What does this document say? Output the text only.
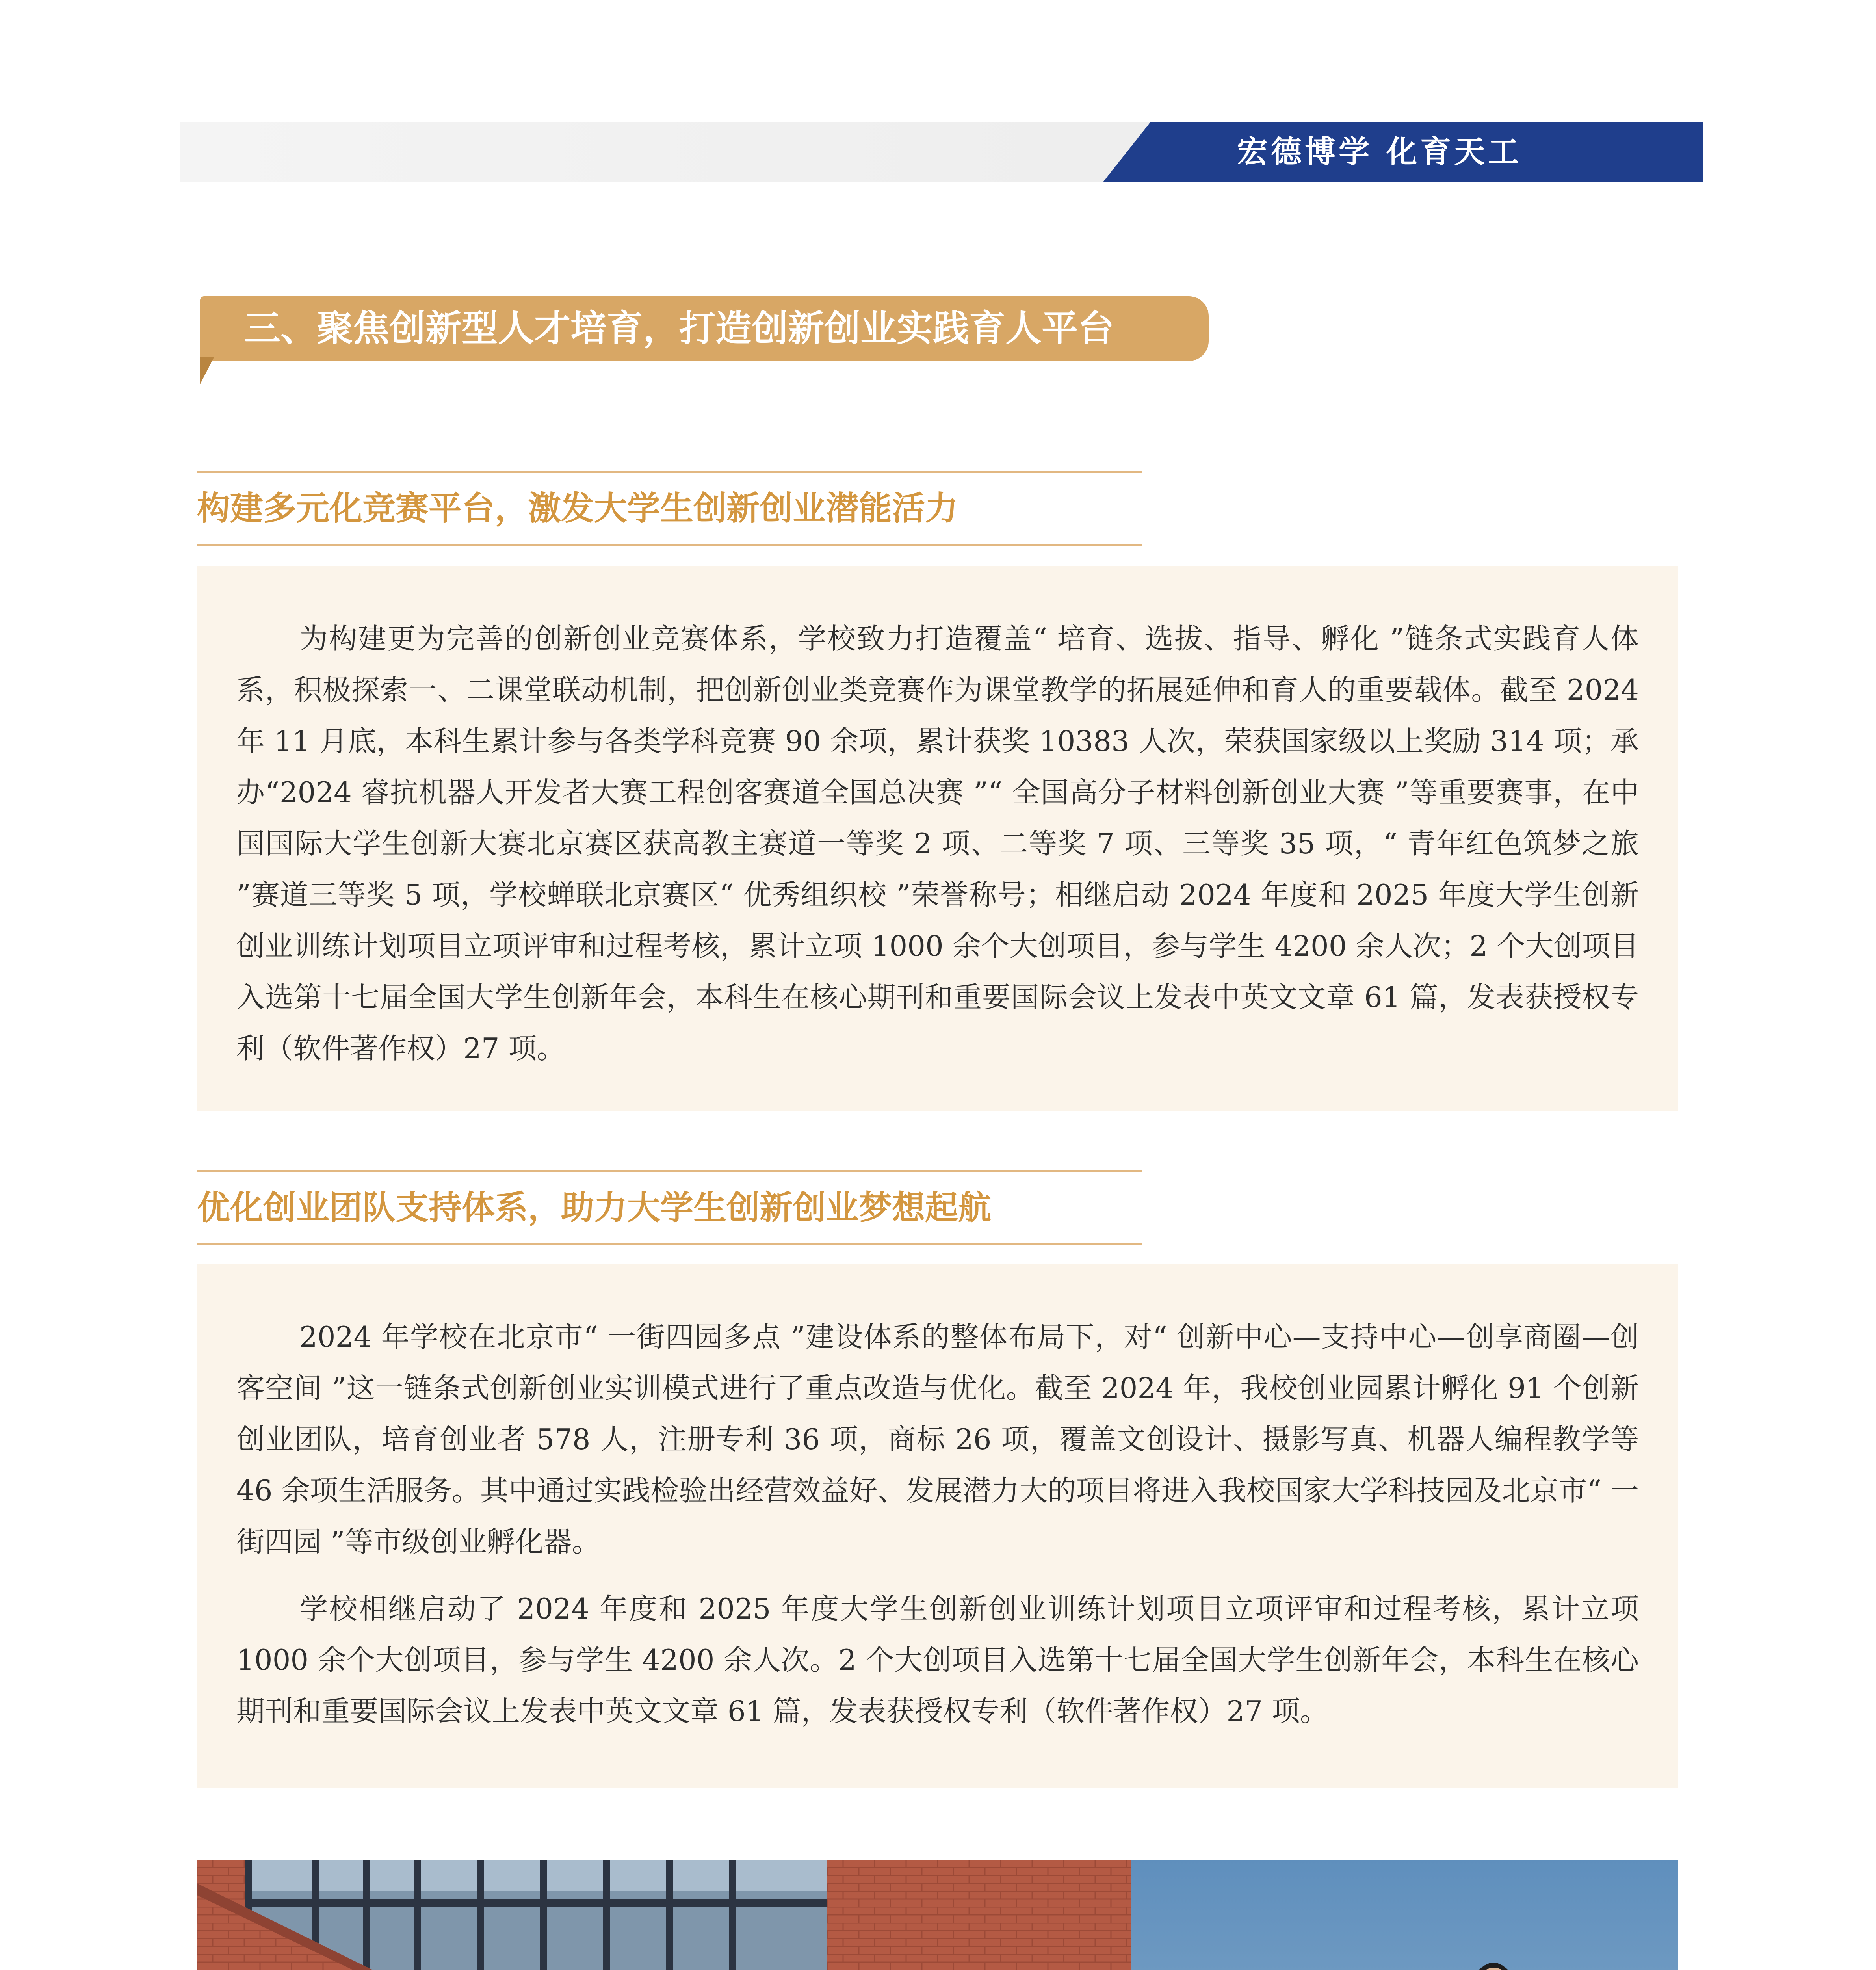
宏德博学 化育天工
三、聚焦创新型人才培育，打造创新创业实践育人平台
构建多元化竞赛平台，激发大学生创新创业潜能活力

为构建更为完善的创新创业竞赛体系，学校致力打造覆盖“ 培育、选拔、指导、孵化 ”链条式实践育人体系，积极探索一、二课堂联动机制，把创新创业类竞赛作为课堂教学的拓展延伸和育人的重要载体。截至 2024 年 11 月底，本科生累计参与各类学科竞赛 90 余项，累计获奖 10383 人次，荣获国家级以上奖励 314 项；承办“2024 睿抗机器人开发者大赛工程创客赛道全国总决赛 ”“ 全国高分子材料创新创业大赛 ”等重要赛事，在中国国际大学生创新大赛北京赛区获高教主赛道一等奖 2 项、二等奖 7 项、三等奖 35 项，“ 青年红色筑梦之旅 ”赛道三等奖 5 项，学校蝉联北京赛区“ 优秀组织校 ”荣誉称号；相继启动 2024 年度和 2025 年度大学生创新创业训练计划项目立项评审和过程考核，累计立项 1000 余个大创项目，参与学生 4200 余人次；2 个大创项目入选第十七届全国大学生创新年会，本科生在核心期刊和重要国际会议上发表中英文文章 61 篇，发表获授权专利（软件著作权）27 项。

优化创业团队支持体系，助力大学生创新创业梦想起航

2024 年学校在北京市“ 一街四园多点 ”建设体系的整体布局下，对“ 创新中心—支持中心—创享商圈—创客空间 ”这一链条式创新创业实训模式进行了重点改造与优化。截至 2024 年，我校创业园累计孵化 91 个创新创业团队，培育创业者 578 人，注册专利 36 项，商标 26 项，覆盖文创设计、摄影写真、机器人编程教学等 46 余项生活服务。其中通过实践检验出经营效益好、发展潜力大的项目将进入我校国家大学科技园及北京市“ 一街四园 ”等市级创业孵化器。

学校相继启动了 2024 年度和 2025 年度大学生创新创业训练计划项目立项评审和过程考核，累计立项 1000 余个大创项目，参与学生 4200 余人次。2 个大创项目入选第十七届全国大学生创新年会，本科生在核心期刊和重要国际会议上发表中英文文章 61 篇，发表获授权专利（软件著作权）27 项。
